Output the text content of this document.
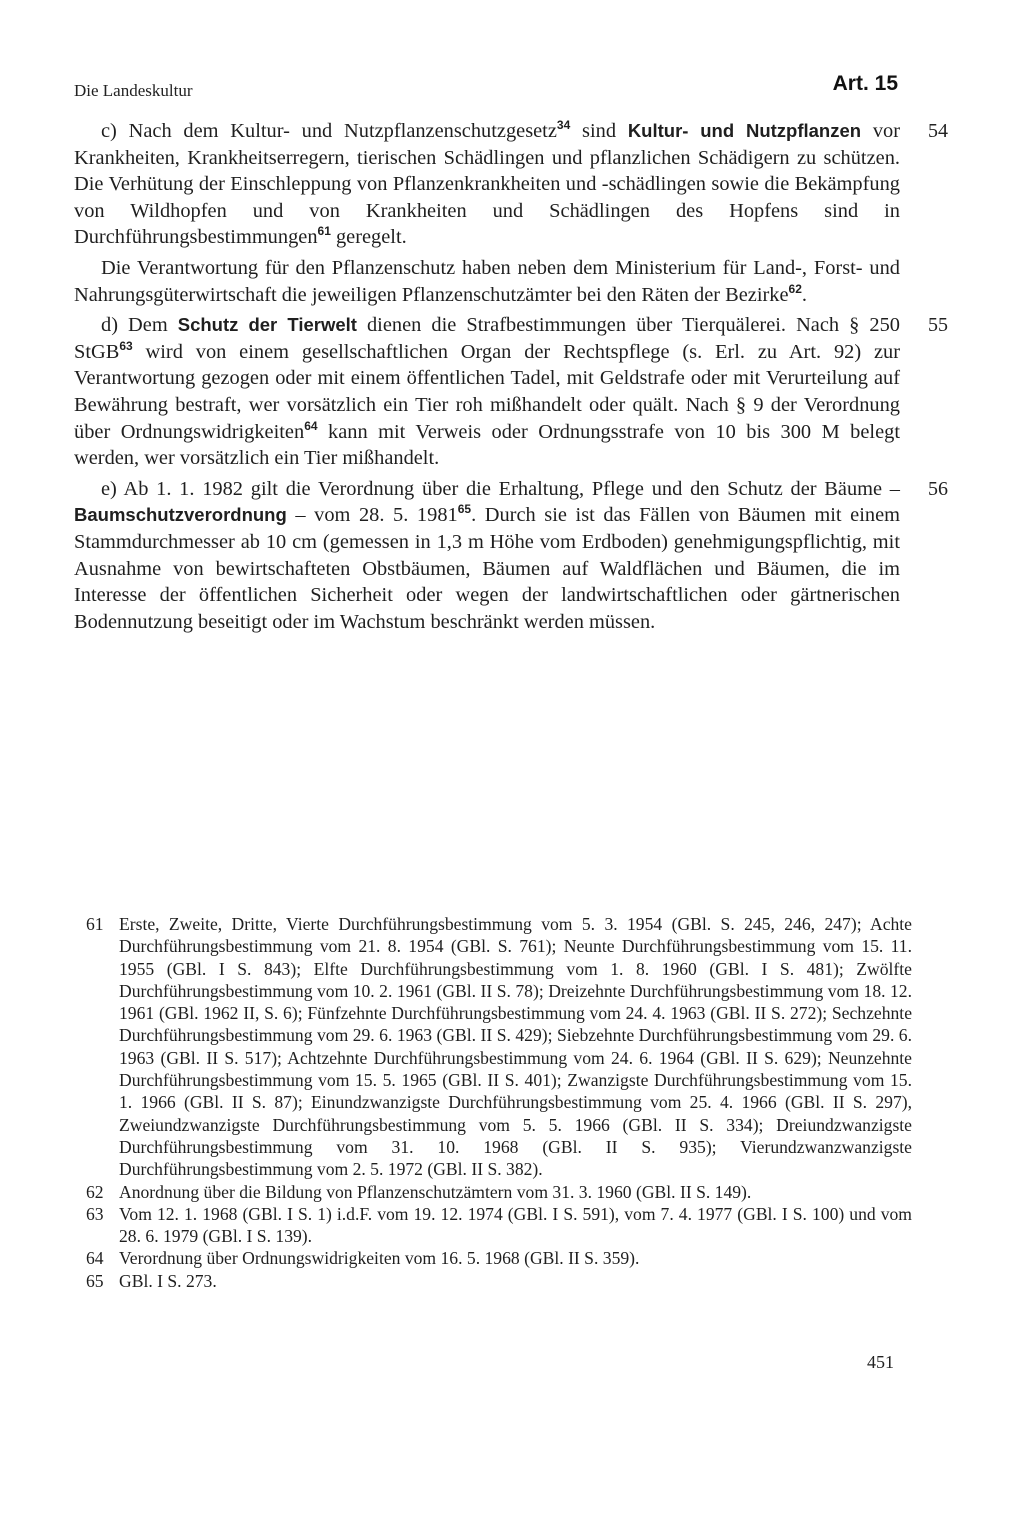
Die Landeskultur	Art. 15

54
c) Nach dem Kultur- und Nutzpflanzenschutzgesetz$^{34}$ sind Kultur- und Nutzpflanzen vor Krankheiten, Krankheitserregern, tierischen Schädlingen und pflanzlichen Schädigern zu schützen. Die Verhütung der Einschleppung von Pflanzenkrankheiten und -schädlingen sowie die Bekämpfung von Wildhopfen und von Krankheiten und Schädlingen des Hopfens sind in Durchführungsbestimmungen$^{61}$ geregelt.

Die Verantwortung für den Pflanzenschutz haben neben dem Ministerium für Land-, Forst- und Nahrungsgüterwirtschaft die jeweiligen Pflanzenschutzämter bei den Räten der Bezirke$^{62}$.

55
d) Dem Schutz der Tierwelt dienen die Strafbestimmungen über Tierquälerei. Nach § 250 StGB$^{63}$ wird von einem gesellschaftlichen Organ der Rechtspflege (s. Erl. zu Art. 92) zur Verantwortung gezogen oder mit einem öffentlichen Tadel, mit Geldstrafe oder mit Verurteilung auf Bewährung bestraft, wer vorsätzlich ein Tier roh mißhandelt oder quält. Nach § 9 der Verordnung über Ordnungswidrigkeiten$^{64}$ kann mit Verweis oder Ordnungsstrafe von 10 bis 300 M belegt werden, wer vorsätzlich ein Tier mißhandelt.

56
e) Ab 1. 1. 1982 gilt die Verordnung über die Erhaltung, Pflege und den Schutz der Bäume – Baumschutzverordnung – vom 28. 5. 1981$^{65}$. Durch sie ist das Fällen von Bäumen mit einem Stammdurchmesser ab 10 cm (gemessen in 1,3 m Höhe vom Erdboden) genehmigungspflichtig, mit Ausnahme von bewirtschafteten Obstbäumen, Bäumen auf Waldflächen und Bäumen, die im Interesse der öffentlichen Sicherheit oder wegen der landwirtschaftlichen oder gärtnerischen Bodennutzung beseitigt oder im Wachstum beschränkt werden müssen.

61 Erste, Zweite, Dritte, Vierte Durchführungsbestimmung vom 5. 3. 1954 (GBl. S. 245, 246, 247); Achte Durchführungsbestimmung vom 21. 8. 1954 (GBl. S. 761); Neunte Durchführungsbestimmung vom 15. 11. 1955 (GBl. I S. 843); Elfte Durchführungsbestimmung vom 1. 8. 1960 (GBl. I S. 481); Zwölfte Durchführungsbestimmung vom 10. 2. 1961 (GBl. II S. 78); Dreizehnte Durchführungsbestimmung vom 18. 12. 1961 (GBl. 1962 II, S. 6); Fünfzehnte Durchführungsbestimmung vom 24. 4. 1963 (GBl. II S. 272); Sechzehnte Durchführungsbestimmung vom 29. 6. 1963 (GBl. II S. 429); Siebzehnte Durchführungsbestimmung vom 29. 6. 1963 (GBl. II S. 517); Achtzehnte Durchführungsbestimmung vom 24. 6. 1964 (GBl. II S. 629); Neunzehnte Durchführungsbestimmung vom 15. 5. 1965 (GBl. II S. 401); Zwanzigste Durchführungsbestimmung vom 15. 1. 1966 (GBl. II S. 87); Einundzwanzigste Durchführungsbestimmung vom 25. 4. 1966 (GBl. II S. 297), Zweiundzwanzigste Durchführungsbestimmung vom 5. 5. 1966 (GBl. II S. 334); Dreiundzwanzigste Durchführungsbestimmung vom 31. 10. 1968 (GBl. II S. 935); Vierundzwanzwanzigste Durchführungsbestimmung vom 2. 5. 1972 (GBl. II S. 382).
62 Anordnung über die Bildung von Pflanzenschutzämtern vom 31. 3. 1960 (GBl. II S. 149).
63 Vom 12. 1. 1968 (GBl. I S. 1) i.d.F. vom 19. 12. 1974 (GBl. I S. 591), vom 7. 4. 1977 (GBl. I S. 100) und vom 28. 6. 1979 (GBl. I S. 139).
64 Verordnung über Ordnungswidrigkeiten vom 16. 5. 1968 (GBl. II S. 359).
65 GBl. I S. 273.
451
